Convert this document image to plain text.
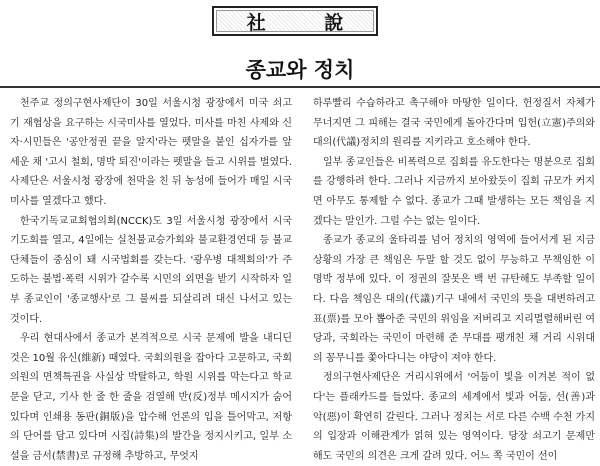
社 說
종교와 정치

천주교 정의구현사제단이 30일 서울시청 광장에서 미국 쇠고기 재협상을 요구하는 시국미사를 열었다. 미사를 마친 사제와 신자·시민들은 '공안정권 끝을 알지'라는 펫말을 붙인 십자가를 앞세운 채 '고시 철회, 명박 퇴진'이라는 펫말을 들고 시위를 벌였다. 사제단은 서울시청 광장에 천막을 친 뒤 농성에 들어가 매일 시국미사를 열겠다고 했다.

한국기독교교회협의회(NCCK)도 3일 서울시청 광장에서 시국기도회를 열고, 4일에는 실천불교승가회와 불교환경연대 등 불교단체들이 중심이 돼 시국법회를 갖는다. '광우병 대책회의'가 주도하는 불법·폭력 시위가 갈수록 시민의 외면을 받기 시작하자 일부 종교인이 '종교행사'로 그 불씨를 되살리려 대신 나서고 있는 것이다.

우리 현대사에서 종교가 본격적으로 시국 문제에 발을 내디딘 것은 10월 유신(維新) 때였다. 국회의원을 잡아다 고문하고, 국회의원의 면책특권을 사실상 박탈하고, 학원 시위를 막는다고 학교 문을 닫고, 기사 한 줄 한 줄을 검열해 반(反)정부 메시지가 숨어 있다며 인쇄용 동판(銅版)을 압수해 언론의 입을 틀어막고, 저항의 단어를 담고 있다며 시집(詩集)의 발간을 정지시키고, 일부 소설을 금서(禁書)로 규정해 추방하고, 무엇지

하루빨리 수습하라고 촉구해야 마땅한 일이다. 헌정질서 자체가 무너지면 그 피해는 결국 국민에게 돌아간다며 입헌(立憲)주의와 대의(代議)정치의 원리를 지키라고 호소해야 한다.

일부 종교인들은 비폭력으로 집회를 유도한다는 명분으로 집회를 강행하려 한다. 그러나 지금까지 보아왔듯이 집회 규모가 커지면 아무도 통제할 수 없다. 종교가 그때 발생하는 모든 책임을 지겠다는 말인가. 그럴 수는 없는 일이다.

종교가 종교의 울타리를 넘어 정치의 영역에 들어서게 된 지금 상황의 가장 큰 책임은 두말 할 것도 없이 무능하고 무책임한 이명박 정부에 있다. 이 정권의 잘못은 백 번 규탄해도 부족할 일이다. 다음 책임은 대의(代議)기구 내에서 국민의 뜻을 대변하려고 표(票)를 모아 뽑아준 국민의 위임을 저버리고 지리멸렬해버린 여당과, 국회라는 국민이 마련해 준 무대를 팽개친 채 거리 시위대의 꽁무니를 쫓아다니는 야당이 져야 한다.

정의구현사제단은 거리시위에서 '어둠이 빛을 이겨본 적이 없다'는 플래카드를 들었다. 종교의 세계에서 빛과 어둠, 선(善)과 악(惡)이 확연히 갈린다. 그러나 정치는 서로 다른 수백 수천 가지의 입장과 이해관계가 얽혀 있는 영역이다. 당장 쇠고기 문제만 해도 국민의 의견은 크게 갈려 있다. 어느 쪽 국민이 선이
